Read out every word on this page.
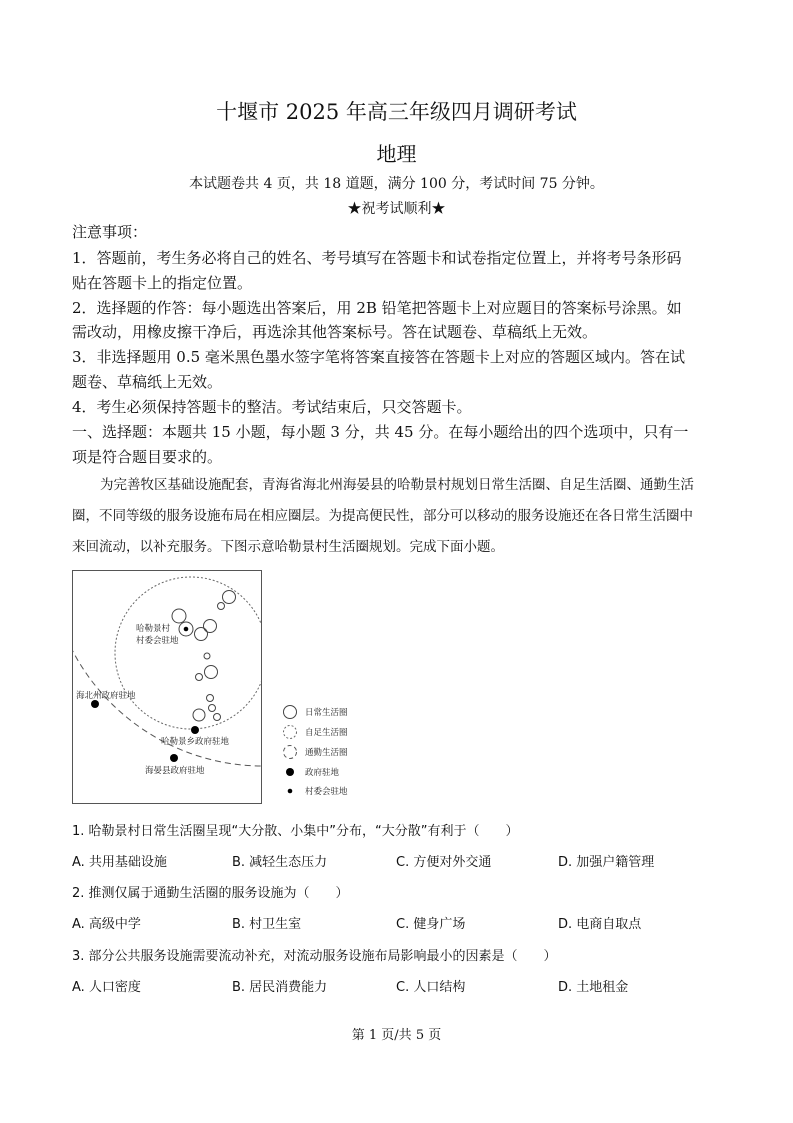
十堰市 2025 年高三年级四月调研考试
地理
本试题卷共 4 页，共 18 道题，满分 100 分，考试时间 75 分钟。
★祝考试顺利★
注意事项：
1．答题前，考生务必将自己的姓名、考号填写在答题卡和试卷指定位置上，并将考号条形码
贴在答题卡上的指定位置。
2．选择题的作答：每小题选出答案后，用 2B 铅笔把答题卡上对应题目的答案标号涂黑。如
需改动，用橡皮擦干净后，再选涂其他答案标号。答在试题卷、草稿纸上无效。
3．非选择题用 0.5 毫米黑色墨水签字笔将答案直接答在答题卡上对应的答题区域内。答在试
题卷、草稿纸上无效。
4．考生必须保持答题卡的整洁。考试结束后，只交答题卡。
一、选择题：本题共 15 小题，每小题 3 分，共 45 分。在每小题给出的四个选项中，只有一
项是符合题目要求的。
为完善牧区基础设施配套，青海省海北州海晏县的哈勒景村规划日常生活圈、自足生活圈、通勤生活
圈，不同等级的服务设施布局在相应圈层。为提高便民性，部分可以移动的服务设施还在各日常生活圈中
来回流动，以补充服务。下图示意哈勒景村生活圈规划。完成下面小题。
哈勒景村
村委会驻地
海北州政府驻地
哈勒景乡政府驻地
海晏县政府驻地
日常生活圈
自足生活圈
通勤生活圈
政府驻地
村委会驻地
1. 哈勒景村日常生活圈呈现“大分散、小集中”分布，“大分散”有利于（　　）
A. 共用基础设施	B. 减轻生态压力	C. 方便对外交通	D. 加强户籍管理
2. 推测仅属于通勤生活圈的服务设施为（　　）
A. 高级中学	B. 村卫生室	C. 健身广场	D. 电商自取点
3. 部分公共服务设施需要流动补充，对流动服务设施布局影响最小的因素是（　　）
A. 人口密度	B. 居民消费能力	C. 人口结构	D. 土地租金
第 1 页/共 5 页
